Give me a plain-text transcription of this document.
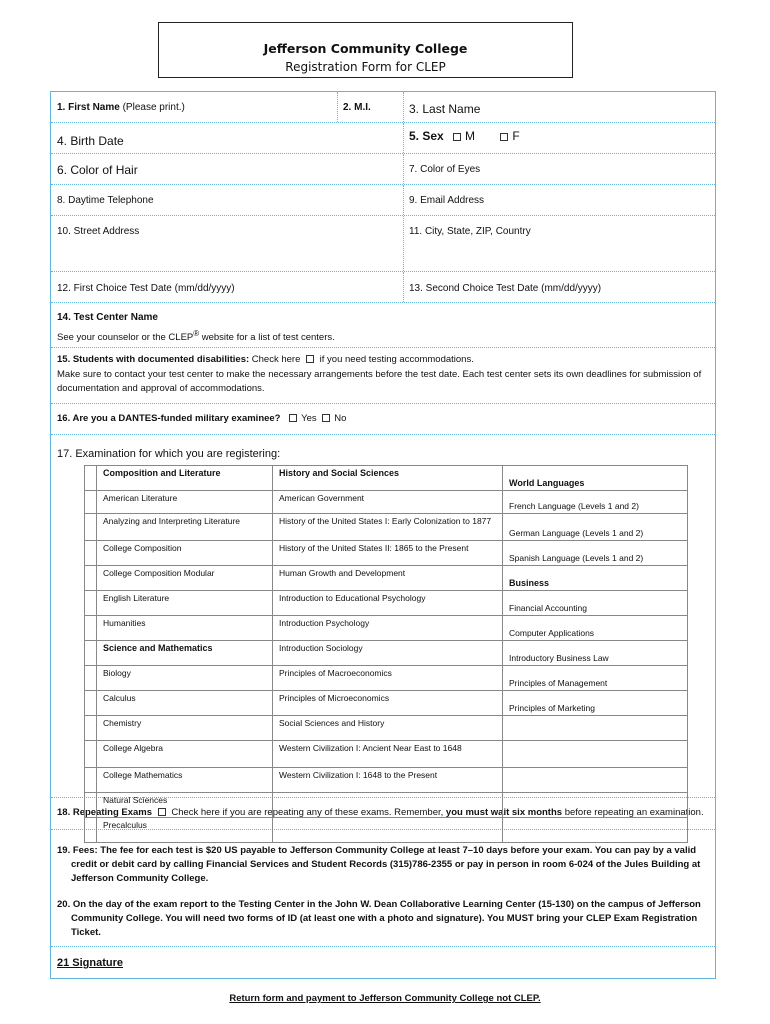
Jefferson Community College
Registration Form for CLEP
1. First Name (Please print.)	2. M.I.	3. Last Name
4. Birth Date	5. Sex M	F
6. Color of Hair	7. Color of Eyes
8. Daytime Telephone	9. Email Address
10. Street Address	11. City, State, ZIP, Country
12. First Choice Test Date (mm/dd/yyyy)	13. Second Choice Test Date (mm/dd/yyyy)
14. Test Center Name
See your counselor or the CLEP® website for a list of test centers.
15. Students with documented disabilities: Check here if you need testing accommodations.
Make sure to contact your test center to make the necessary arrangements before the test date. Each test center sets its own deadlines for submission of documentation and approval of accommodations.
16. Are you a DANTES-funded military examinee? Yes No
17. Examination for which you are registering:
18. Repeating Exams Check here if you are repeating any of these exams. Remember, you must wait six months before repeating an examination.
19. Fees: The fee for each test is $20 US payable to Jefferson Community College at least 7–10 days before your exam. You can pay by a valid credit or debit card by calling Financial Services and Student Records (315)786-2355 or pay in person in room 6-024 of the Jules Building at Jefferson Community College.
20. On the day of the exam report to the Testing Center in the John W. Dean Collaborative Learning Center (15-130) on the campus of Jefferson Community College. You will need two forms of ID (at least one with a photo and signature). You MUST bring your CLEP Exam Registration Ticket.
21 Signature
	Composition and Literature	History and Social Sciences	World Languages
	American Literature	American Government	French Language (Levels 1 and 2)
	Analyzing and Interpreting Literature	History of the United States I: Early Colonization to 1877	German Language (Levels 1 and 2)
	College Composition	History of the United States II: 1865 to the Present	Spanish Language (Levels 1 and 2)
	College Composition Modular	Human Growth and Development	Business
	English Literature	Introduction to Educational Psychology	Financial Accounting
	Humanities	Introduction Psychology	Computer Applications
	Science and Mathematics	Introduction Sociology	Introductory Business Law
	Biology	Principles of Macroeconomics	Principles of Management
	Calculus	Principles of Microeconomics	Principles of Marketing
	Chemistry	Social Sciences and History	
	College Algebra	Western Civilization I: Ancient Near East to 1648	
	College Mathematics	Western Civilization I: 1648 to the Present	
	Natural Sciences		
	Precalculus		
Return form and payment to Jefferson Community College not CLEP.
